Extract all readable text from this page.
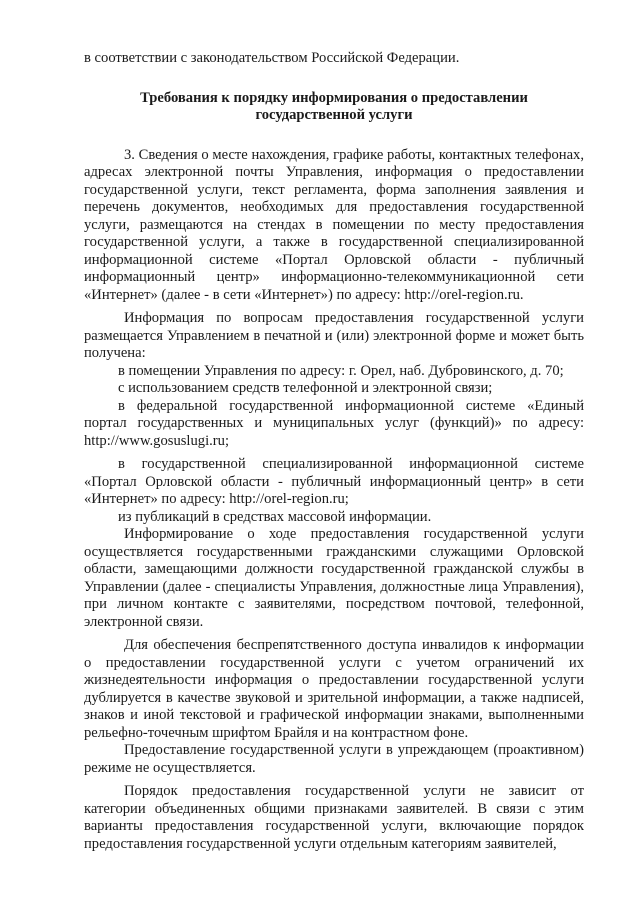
в соответствии с законодательством Российской Федерации.

Требования к порядку информирования о предоставлении государственной услуги

3. Сведения о месте нахождения, графике работы, контактных телефонах, адресах электронной почты Управления, информация о предоставлении государственной услуги, текст регламента, форма заполнения заявления и перечень документов, необходимых для предоставления государственной услуги, размещаются на стендах в помещении по месту предоставления государственной услуги, а также в государственной специализированной информационной системе «Портал Орловской области - публичный информационный центр» информационно-телекоммуникационной сети «Интернет» (далее - в сети «Интернет») по адресу: http://orel-region.ru.

Информация по вопросам предоставления государственной услуги размещается Управлением в печатной и (или) электронной форме и может быть получена:

в помещении Управления по адресу: г. Орел, наб. Дубровинского, д. 70;

с использованием средств телефонной и электронной связи;

в федеральной государственной информационной системе «Единый портал государственных и муниципальных услуг (функций)» по адресу: http://www.gosuslugi.ru;

в государственной специализированной информационной системе «Портал Орловской области - публичный информационный центр» в сети «Интернет» по адресу: http://orel-region.ru;

из публикаций в средствах массовой информации.

Информирование о ходе предоставления государственной услуги осуществляется государственными гражданскими служащими Орловской области, замещающими должности государственной гражданской службы в Управлении (далее - специалисты Управления, должностные лица Управления), при личном контакте с заявителями, посредством почтовой, телефонной, электронной связи.

Для обеспечения беспрепятственного доступа инвалидов к информации о предоставлении государственной услуги с учетом ограничений их жизнедеятельности информация о предоставлении государственной услуги дублируется в качестве звуковой и зрительной информации, а также надписей, знаков и иной текстовой и графической информации знаками, выполненными рельефно-точечным шрифтом Брайля и на контрастном фоне.

Предоставление государственной услуги в упреждающем (проактивном) режиме не осуществляется.

Порядок предоставления государственной услуги не зависит от категории объединенных общими признаками заявителей. В связи с этим варианты предоставления государственной услуги, включающие порядок предоставления государственной услуги отдельным категориям заявителей,
